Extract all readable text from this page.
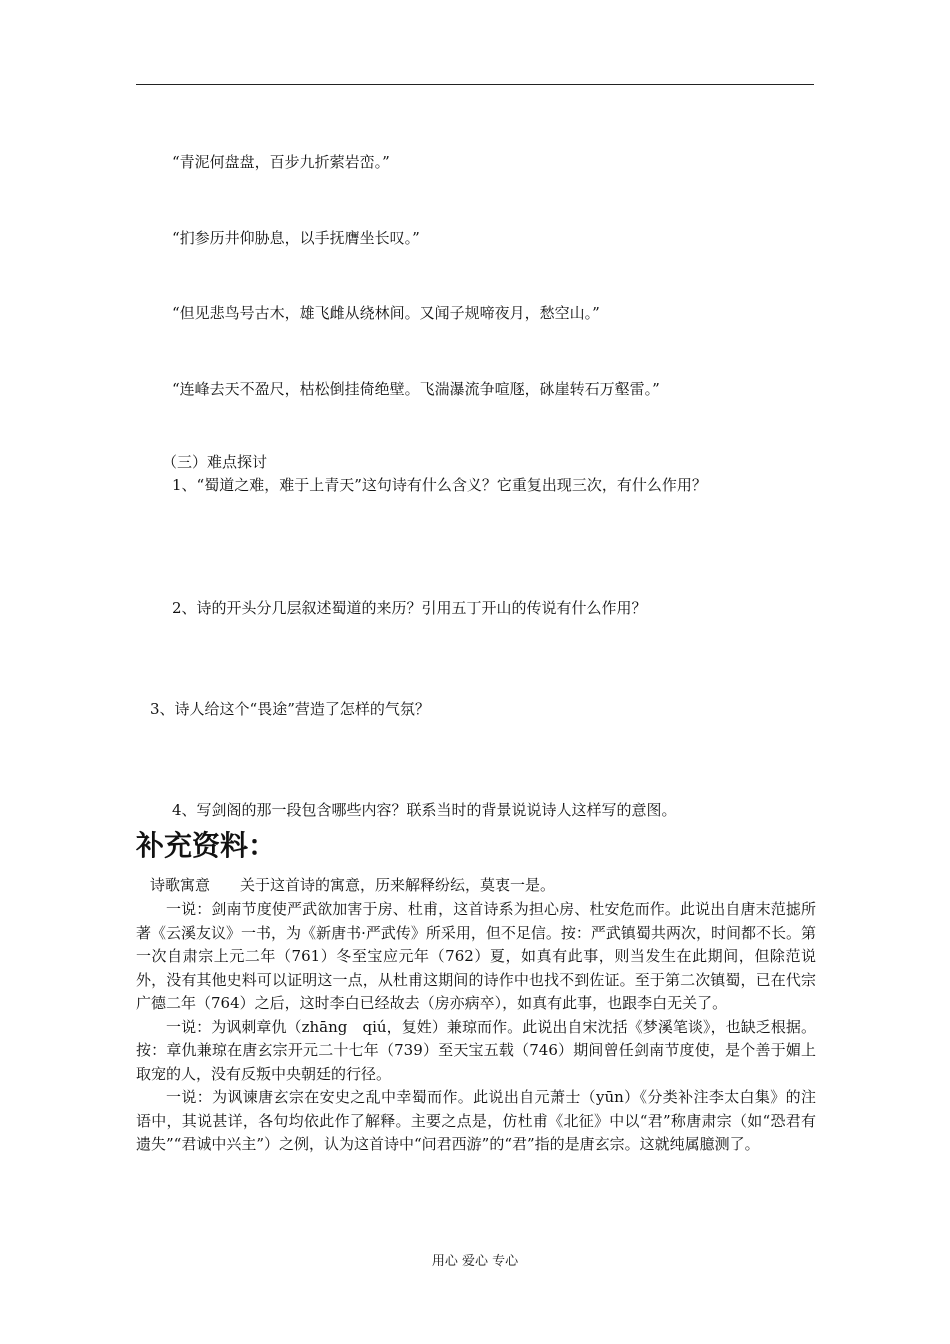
“青泥何盘盘，百步九折萦岩峦。”
“扪参历井仰胁息，以手抚膺坐长叹。”
“但见悲鸟号古木，雄飞雌从绕林间。又闻子规啼夜月，愁空山。”
“连峰去天不盈尺，枯松倒挂倚绝壁。飞湍瀑流争喧豗，砯崖转石万壑雷。”
（三）难点探讨
1、“蜀道之难，难于上青天”这句诗有什么含义？它重复出现三次，有什么作用？
2、诗的开头分几层叙述蜀道的来历？引用五丁开山的传说有什么作用？
3、诗人给这个“畏途”营造了怎样的气氛？
4、写剑阁的那一段包含哪些内容？联系当时的背景说说诗人这样写的意图。
补充资料：
诗歌寓意　　关于这首诗的寓意，历来解释纷纭，莫衷一是。

一说：剑南节度使严武欲加害于房、杜甫，这首诗系为担心房、杜安危而作。此说出自唐末范摅所著《云溪友议》一书，为《新唐书·严武传》所采用，但不足信。按：严武镇蜀共两次，时间都不长。第一次自肃宗上元二年（761）冬至宝应元年（762）夏，如真有此事，则当发生在此期间，但除范说外，没有其他史料可以证明这一点，从杜甫这期间的诗作中也找不到佐证。至于第二次镇蜀，已在代宗广德二年（764）之后，这时李白已经故去（房亦病卒），如真有此事，也跟李白无关了。

一说：为讽刺章仇（zhāng　qiú，复姓）兼琼而作。此说出自宋沈括《梦溪笔谈》，也缺乏根据。按：章仇兼琼在唐玄宗开元二十七年（739）至天宝五载（746）期间曾任剑南节度使，是个善于媚上取宠的人，没有反叛中央朝廷的行径。

一说：为讽谏唐玄宗在安史之乱中幸蜀而作。此说出自元萧士（yūn）《分类补注李太白集》的注语中，其说甚详，各句均依此作了解释。主要之点是，仿杜甫《北征》中以“君”称唐肃宗（如“恐君有遗失”“君诚中兴主”）之例，认为这首诗中“问君西游”的“君”指的是唐玄宗。这就纯属臆测了。

用心 爱心 专心
